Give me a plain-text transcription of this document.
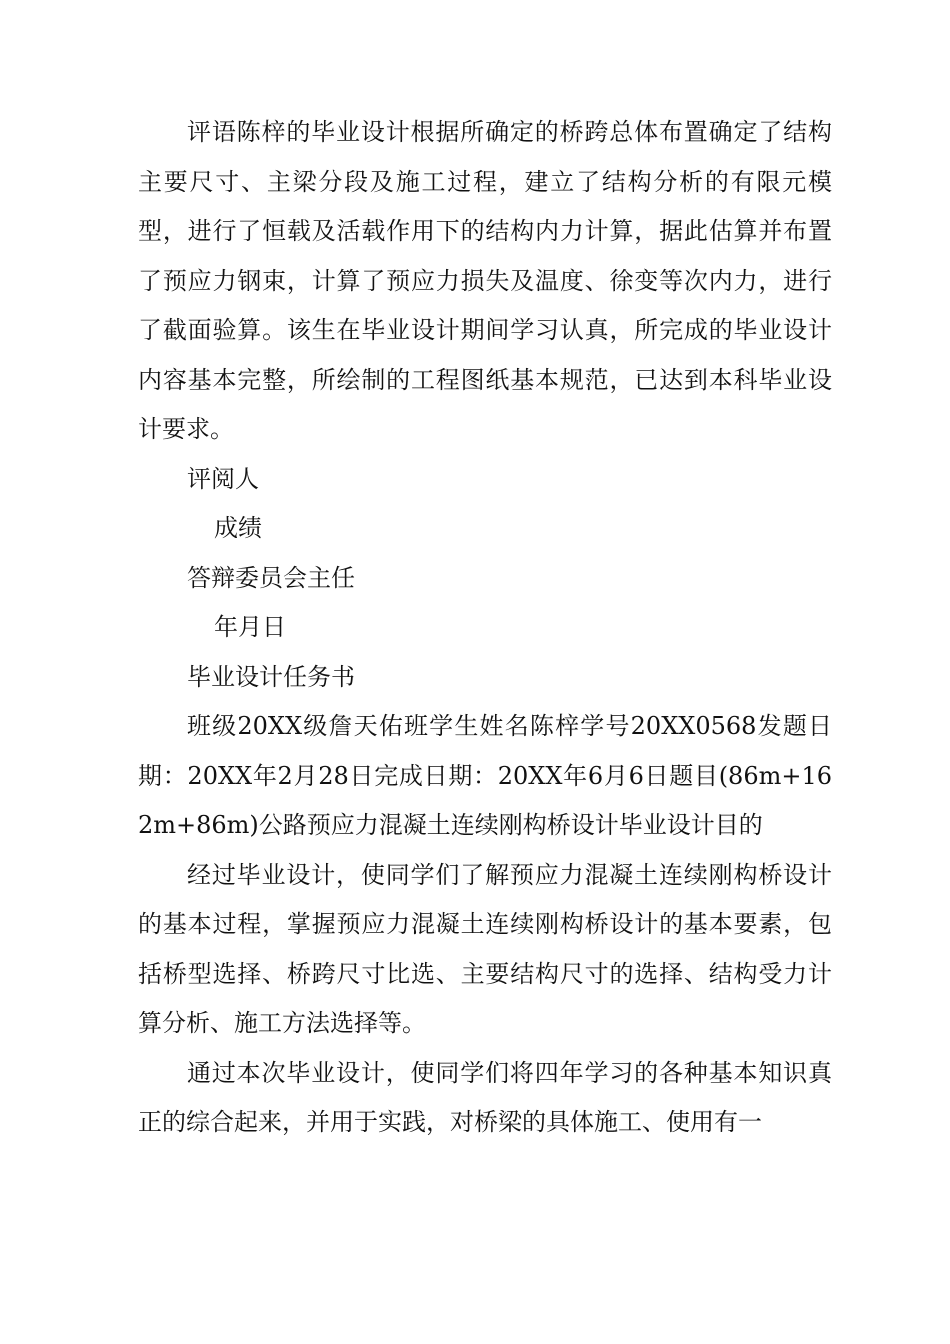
评语陈梓的毕业设计根据所确定的桥跨总体布置确定了结构主要尺寸、主梁分段及施工过程，建立了结构分析的有限元模型，进行了恒载及活载作用下的结构内力计算，据此估算并布置了预应力钢束，计算了预应力损失及温度、徐变等次内力，进行了截面验算。该生在毕业设计期间学习认真，所完成的毕业设计内容基本完整，所绘制的工程图纸基本规范，已达到本科毕业设计要求。

评阅人

成绩

答辩委员会主任

年月日

毕业设计任务书

班级20XX级詹天佑班学生姓名陈梓学号20XX0568发题日期：20XX年2月28日完成日期：20XX年6月6日题目(86m+162m+86m)公路预应力混凝土连续刚构桥设计毕业设计目的

经过毕业设计，使同学们了解预应力混凝土连续刚构桥设计的基本过程，掌握预应力混凝土连续刚构桥设计的基本要素，包括桥型选择、桥跨尺寸比选、主要结构尺寸的选择、结构受力计算分析、施工方法选择等。

通过本次毕业设计，使同学们将四年学习的各种基本知识真正的综合起来，并用于实践，对桥梁的具体施工、使用有一
